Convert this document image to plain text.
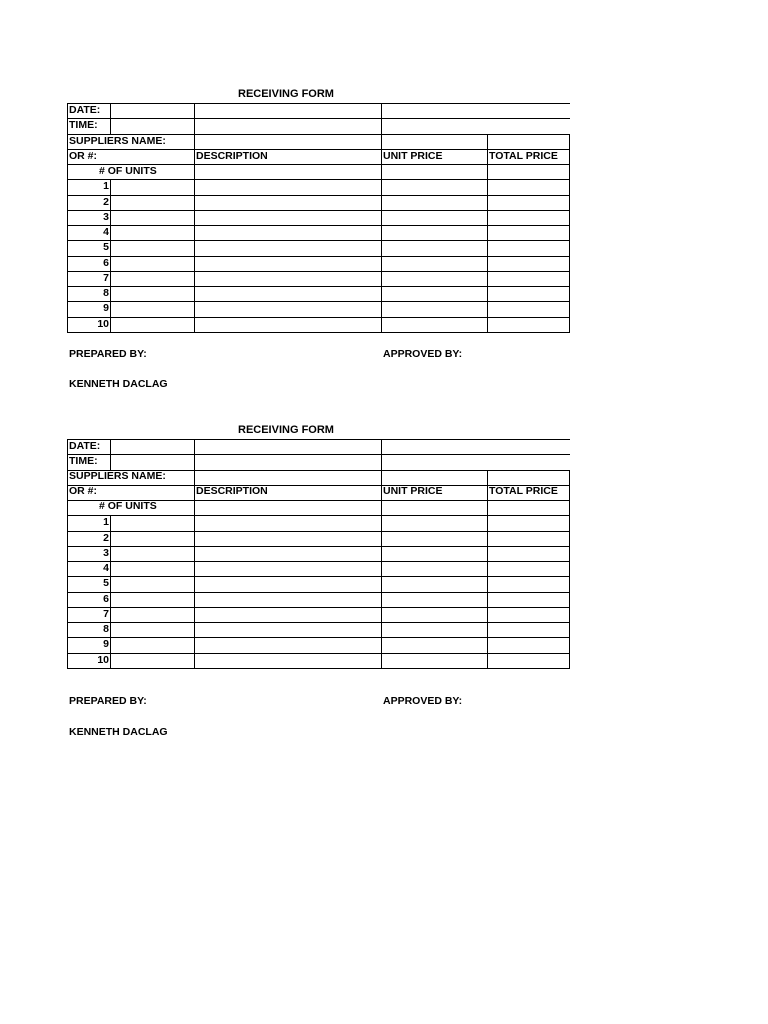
RECEIVING FORM
DATE:
TIME:
SUPPLIERS NAME:
OR #:	DESCRIPTION	UNIT PRICE	TOTAL PRICE
# OF UNITS
1
2
3
4
5
6
7
8
9
10
PREPARED BY:	APPROVED BY:
KENNETH DACLAG
RECEIVING FORM
DATE:
TIME:
SUPPLIERS NAME:
OR #:	DESCRIPTION	UNIT PRICE	TOTAL PRICE
# OF UNITS
1
2
3
4
5
6
7
8
9
10
PREPARED BY:	APPROVED BY:
KENNETH DACLAG
